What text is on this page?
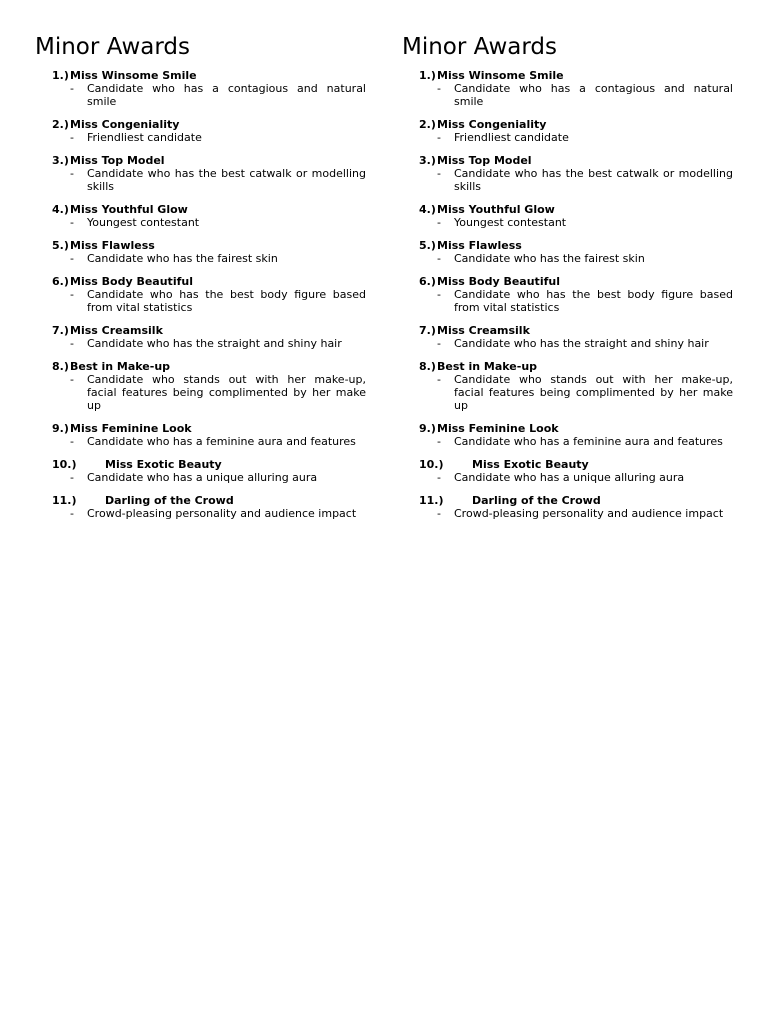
Minor Awards
1.) Miss Winsome Smile
- Candidate who has a contagious and natural smile
2.) Miss Congeniality
- Friendliest candidate
3.) Miss Top Model
- Candidate who has the best catwalk or modelling skills
4.) Miss Youthful Glow
- Youngest contestant
5.) Miss Flawless
- Candidate who has the fairest skin
6.) Miss Body Beautiful
- Candidate who has the best body figure based from vital statistics
7.) Miss Creamsilk
- Candidate who has the straight and shiny hair
8.) Best in Make-up
- Candidate who stands out with her make-up, facial features being complimented by her make up
9.) Miss Feminine Look
- Candidate who has a feminine aura and features
10.)	Miss Exotic Beauty
- Candidate who has a unique alluring aura
11.)	Darling of the Crowd
- Crowd-pleasing personality and audience impact
Minor Awards
1.) Miss Winsome Smile
- Candidate who has a contagious and natural smile
2.) Miss Congeniality
- Friendliest candidate
3.) Miss Top Model
- Candidate who has the best catwalk or modelling skills
4.) Miss Youthful Glow
- Youngest contestant
5.) Miss Flawless
- Candidate who has the fairest skin
6.) Miss Body Beautiful
- Candidate who has the best body figure based from vital statistics
7.) Miss Creamsilk
- Candidate who has the straight and shiny hair
8.) Best in Make-up
- Candidate who stands out with her make-up, facial features being complimented by her make up
9.) Miss Feminine Look
- Candidate who has a feminine aura and features
10.)	Miss Exotic Beauty
- Candidate who has a unique alluring aura
11.)	Darling of the Crowd
- Crowd-pleasing personality and audience impact
